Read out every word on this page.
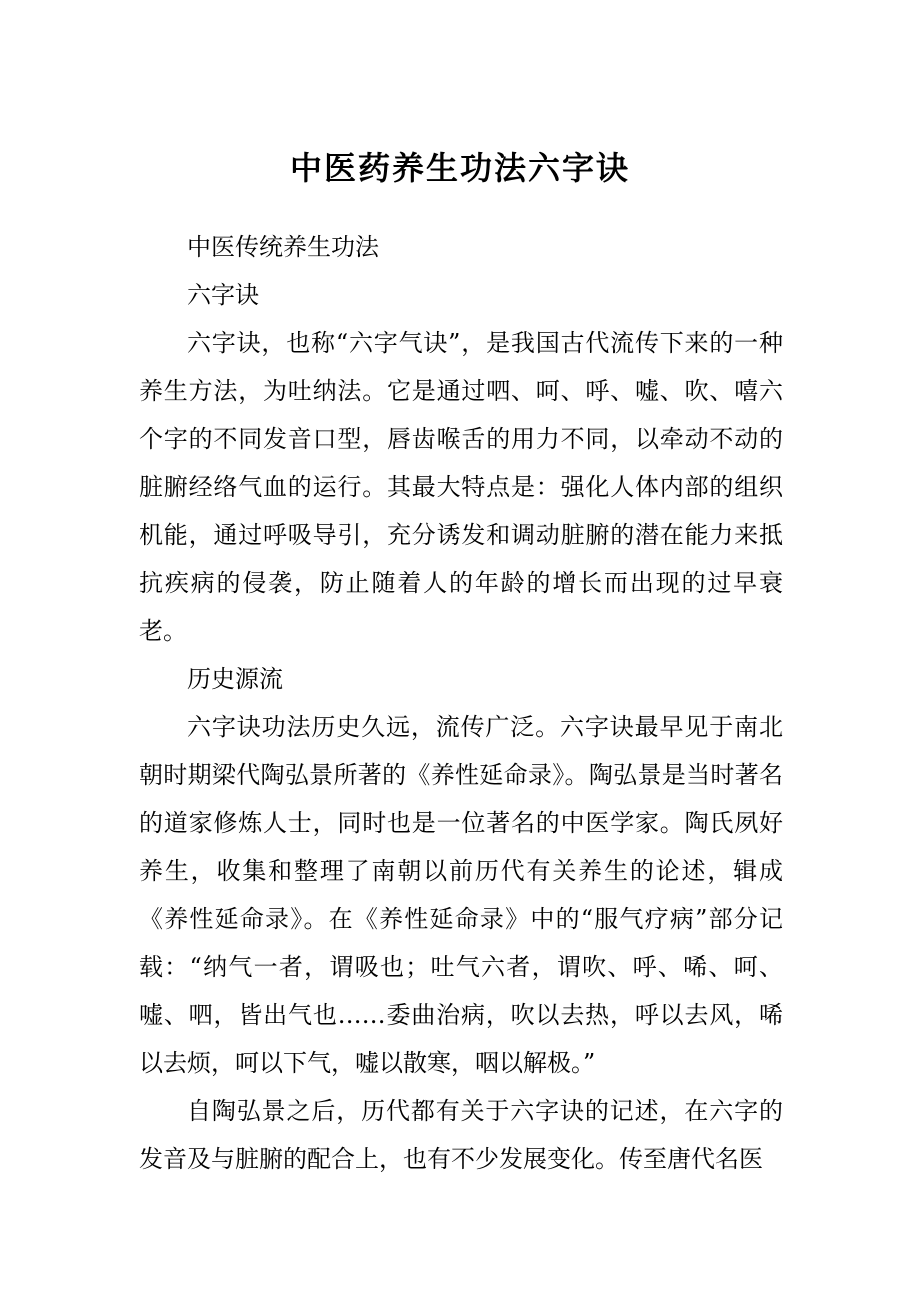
中医药养生功法六字诀

中医传统养生功法

六字诀

六字诀，也称“六字气诀”，是我国古代流传下来的一种养生方法，为吐纳法。它是通过呬、呵、呼、嘘、吹、嘻六个字的不同发音口型，唇齿喉舌的用力不同，以牵动不动的脏腑经络气血的运行。其最大特点是：强化人体内部的组织机能，通过呼吸导引，充分诱发和调动脏腑的潜在能力来抵抗疾病的侵袭，防止随着人的年龄的增长而出现的过早衰老。

历史源流

六字诀功法历史久远，流传广泛。六字诀最早见于南北朝时期梁代陶弘景所著的《养性延命录》。陶弘景是当时著名的道家修炼人士，同时也是一位著名的中医学家。陶氏夙好养生，收集和整理了南朝以前历代有关养生的论述，辑成《养性延命录》。在《养性延命录》中的“服气疗病”部分记载：“纳气一者，谓吸也；吐气六者，谓吹、呼、唏、呵、嘘、呬，皆出气也……委曲治病，吹以去热，呼以去风，唏以去烦，呵以下气，嘘以散寒，咽以解极。”

自陶弘景之后，历代都有关于六字诀的记述，在六字的发音及与脏腑的配合上，也有不少发展变化。传至唐代名医
